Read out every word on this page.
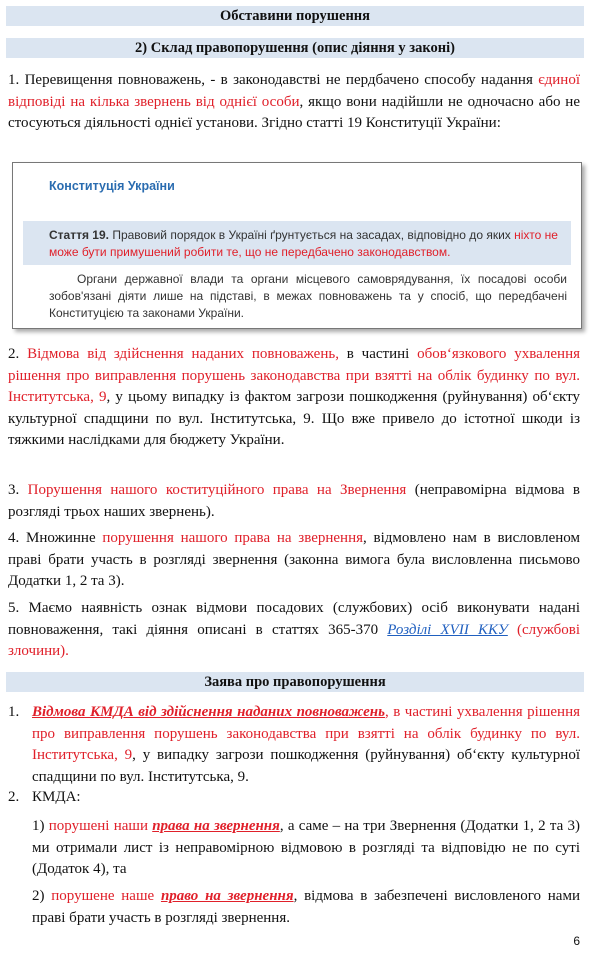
Обставини порушення
2) Склад правопорушення (опис діяння у законі)
1. Перевищення повноважень, - в законодавстві не пердбачено способу надання єдиної відповіді на кілька звернень від однієї особи, якщо вони надійшли не одночасно або не стосуються діяльності однієї установи. Згідно статті 19 Конституції України:
Конституція України
Стаття 19. Правовий порядок в Україні ґрунтується на засадах, відповідно до яких ніхто не може бути примушений робити те, що не передбачено законодавством.
Органи державної влади та органи місцевого самоврядування, їх посадові особи зобов'язані діяти лише на підставі, в межах повноважень та у спосіб, що передбачені Конституцією та законами України.
2. Відмова від здійснення наданих повноважень, в частині обов‘язкового ухвалення рішення про виправлення порушень законодавства при взятті на облік будинку по вул. Інститутська, 9, у цьому випадку із фактом загрози пошкодження (руйнування) об‘єкту культурної спадщини по вул. Інститутська, 9. Що вже привело до істотної шкоди із тяжкими наслідками для бюджету України.
3. Порушення нашого коституційного права на Звернення (неправомірна відмова в розгляді трьох наших звернень).
4. Множинне порушення нашого права на звернення, відмовлено нам в висловленом праві брати участь в розгляді звернення (законна вимога була висловленна письмово Додатки 1, 2 та 3).
5. Маємо наявність ознак відмови посадових (службових) осіб виконувати надані повноваження, такі діяння описані в статтях 365-370 Розділі XVII ККУ (службові злочини).
Заява про правопорушення
1. Відмова КМДА від здійснення наданих повноважень, в частині ухвалення рішення про виправлення порушень законодавства при взятті на облік будинку по вул. Інститутська, 9, у випадку загрози пошкодження (руйнування) об‘єкту культурної спадщини по вул. Інститутська, 9.
2. КМДА:
1) порушені наши права на звернення, а саме – на три Звернення (Додатки 1, 2 та 3) ми отримали лист із неправомірною відмовою в розгляді та відповідю не по суті (Додаток 4), та
2) порушене наше право на звернення, відмова в забезпечені висловленого нами праві брати участь в розгляді звернення.
6
